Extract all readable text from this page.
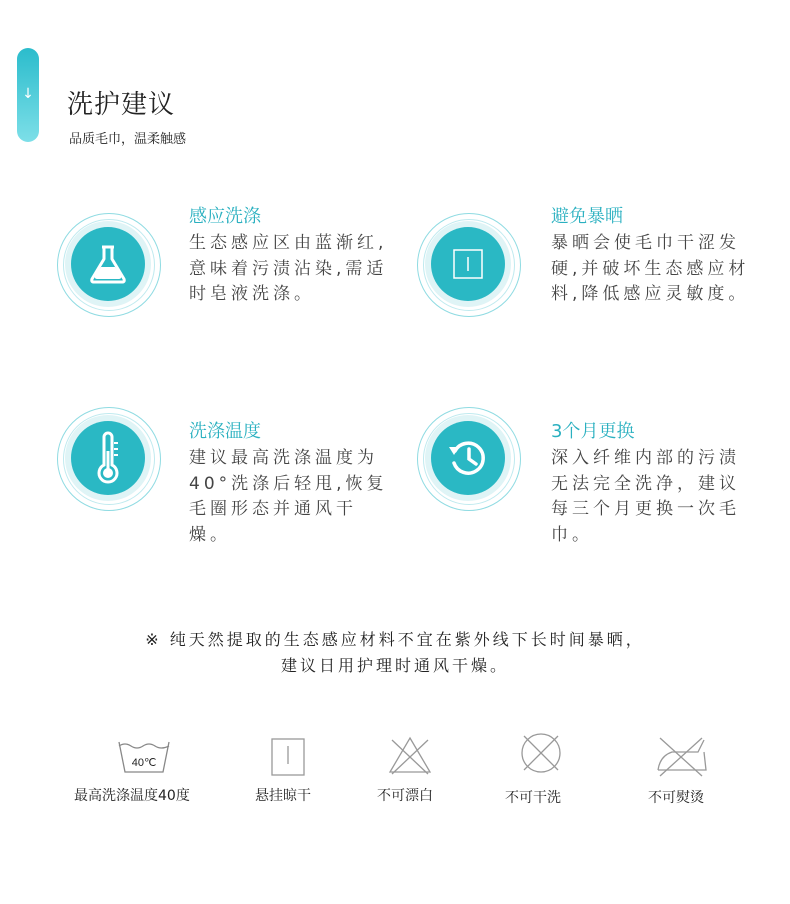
↓ 洗护建议
品质毛巾，温柔触感
感应洗涤
生态感应区由蓝渐红,意味着污渍沾染,需适时皂液洗涤。
避免暴晒
暴晒会使毛巾干涩发硬,并破坏生态感应材料,降低感应灵敏度。
洗涤温度
建议最高洗涤温度为40°洗涤后轻甩,恢复毛圈形态并通风干燥。
3个月更换
深入纤维内部的污渍无法完全洗净，建议每三个月更换一次毛巾。
※ 纯天然提取的生态感应材料不宜在紫外线下长时间暴晒，
建议日用护理时通风干燥。
40℃
最高洗涤温度40度	悬挂晾干	不可漂白	不可干洗	不可熨烫
